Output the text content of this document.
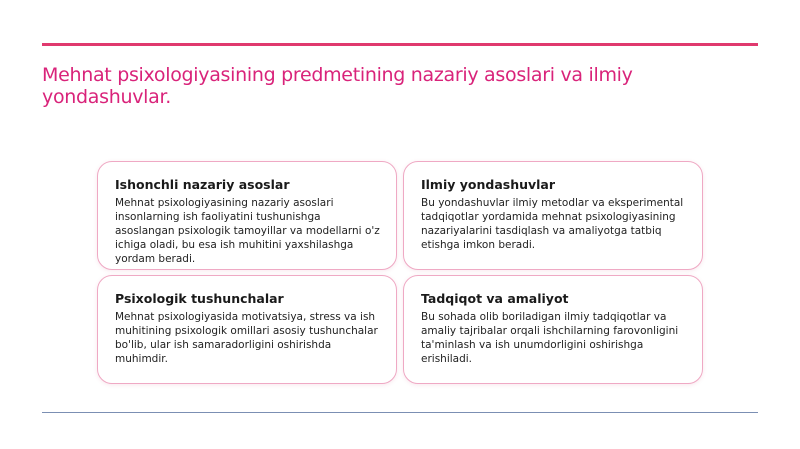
Mehnat psixologiyasining predmetining nazariy asoslari va ilmiy yondashuvlar.

Ishonchli nazariy asoslar

Mehnat psixologiyasining nazariy asoslari insonlarning ish faoliyatini tushunishga asoslangan psixologik tamoyillar va modellarni o'z ichiga oladi, bu esa ish muhitini yaxshilashga yordam beradi.

Ilmiy yondashuvlar

Bu yondashuvlar ilmiy metodlar va eksperimental tadqiqotlar yordamida mehnat psixologiyasining nazariyalarini tasdiqlash va amaliyotga tatbiq etishga imkon beradi.

Psixologik tushunchalar

Mehnat psixologiyasida motivatsiya, stress va ish muhitining psixologik omillari asosiy tushunchalar bo'lib, ular ish samaradorligini oshirishda muhimdir.

Tadqiqot va amaliyot

Bu sohada olib boriladigan ilmiy tadqiqotlar va amaliy tajribalar orqali ishchilarning farovonligini ta'minlash va ish unumdorligini oshirishga erishiladi.
